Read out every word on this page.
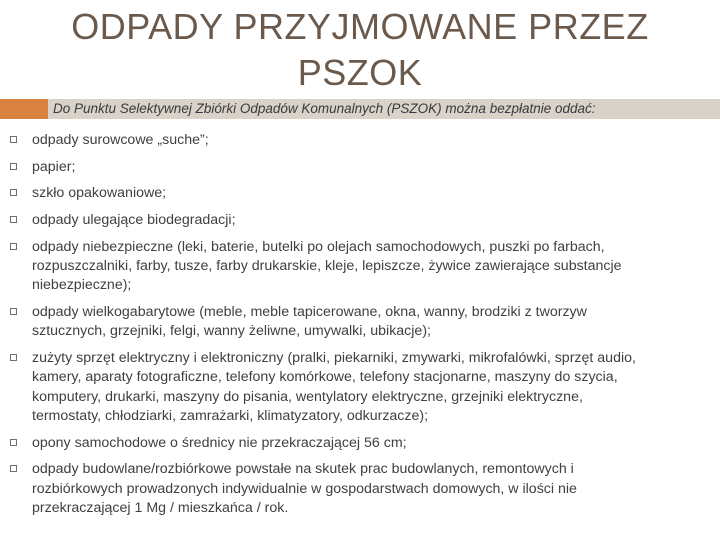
ODPADY PRZYJMOWANE PRZEZ
PSZOK
Do Punktu Selektywnej Zbiórki Odpadów Komunalnych (PSZOK) można bezpłatnie oddać:
odpady surowcowe „suche”;
papier;
szkło opakowaniowe;
odpady ulegające biodegradacji;
odpady niebezpieczne (leki, baterie, butelki po olejach samochodowych, puszki po farbach, rozpuszczalniki, farby, tusze, farby drukarskie, kleje, lepiszcze, żywice zawierające substancje niebezpieczne);
odpady wielkogabarytowe (meble, meble tapicerowane, okna, wanny, brodziki z tworzyw sztucznych, grzejniki, felgi, wanny żeliwne, umywalki, ubikacje);
zużyty sprzęt elektryczny i elektroniczny (pralki, piekarniki, zmywarki, mikrofalówki, sprzęt audio, kamery, aparaty fotograficzne, telefony komórkowe, telefony stacjonarne, maszyny do szycia, komputery, drukarki, maszyny do pisania, wentylatory elektryczne, grzejniki elektryczne, termostaty, chłodziarki, zamrażarki, klimatyzatory, odkurzacze);
opony samochodowe o średnicy nie przekraczającej 56 cm;
odpady budowlane/rozbiórkowe powstałe na skutek prac budowlanych, remontowych i rozbiórkowych prowadzonych indywidualnie w gospodarstwach domowych, w ilości nie przekraczającej 1 Mg / mieszkańca / rok.
